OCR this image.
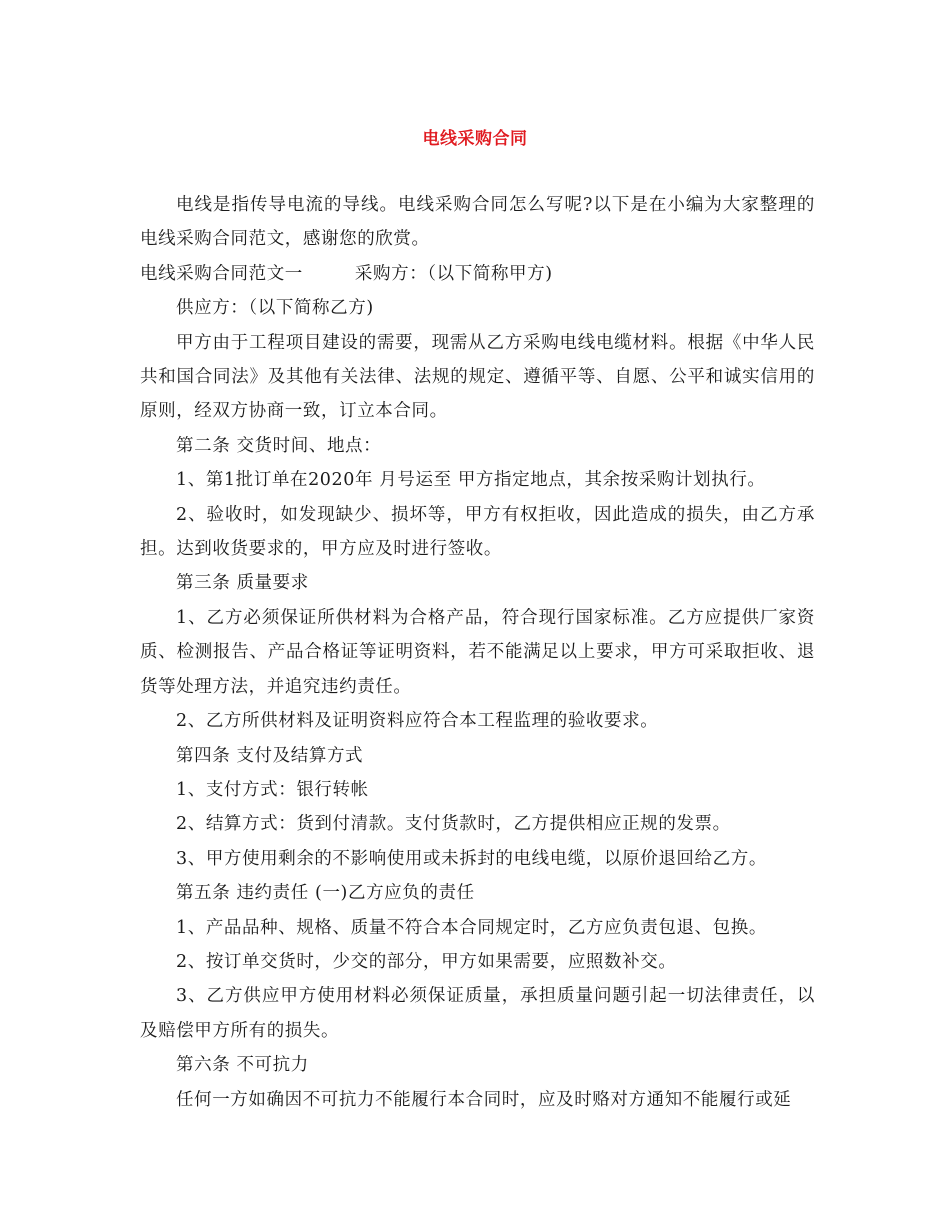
电线采购合同

电线是指传导电流的导线。电线采购合同怎么写呢?以下是在小编为大家整理的电线采购合同范文，感谢您的欣赏。

电线采购合同范文一	采购方：（以下简称甲方)

供应方：（以下简称乙方)

甲方由于工程项目建设的需要，现需从乙方采购电线电缆材料。根据《中华人民共和国合同法》及其他有关法律、法规的规定、遵循平等、自愿、公平和诚实信用的原则，经双方协商一致，订立本合同。

第二条 交货时间、地点：

1、第1批订单在2020年 月号运至 甲方指定地点，其余按采购计划执行。

2、验收时，如发现缺少、损坏等，甲方有权拒收，因此造成的损失，由乙方承担。达到收货要求的，甲方应及时进行签收。

第三条 质量要求

1、乙方必须保证所供材料为合格产品，符合现行国家标准。乙方应提供厂家资质、检测报告、产品合格证等证明资料，若不能满足以上要求，甲方可采取拒收、退货等处理方法，并追究违约责任。

2、乙方所供材料及证明资料应符合本工程监理的验收要求。

第四条 支付及结算方式

1、支付方式：银行转帐

2、结算方式：货到付清款。支付货款时，乙方提供相应正规的发票。

3、甲方使用剩余的不影响使用或未拆封的电线电缆，以原价退回给乙方。

第五条 违约责任 (一)乙方应负的责任

1、产品品种、规格、质量不符合本合同规定时，乙方应负责包退、包换。

2、按订单交货时，少交的部分，甲方如果需要，应照数补交。

3、乙方供应甲方使用材料必须保证质量，承担质量问题引起一切法律责任，以及赔偿甲方所有的损失。

第六条 不可抗力

任何一方如确因不可抗力不能履行本合同时，应及时赂对方通知不能履行或延
